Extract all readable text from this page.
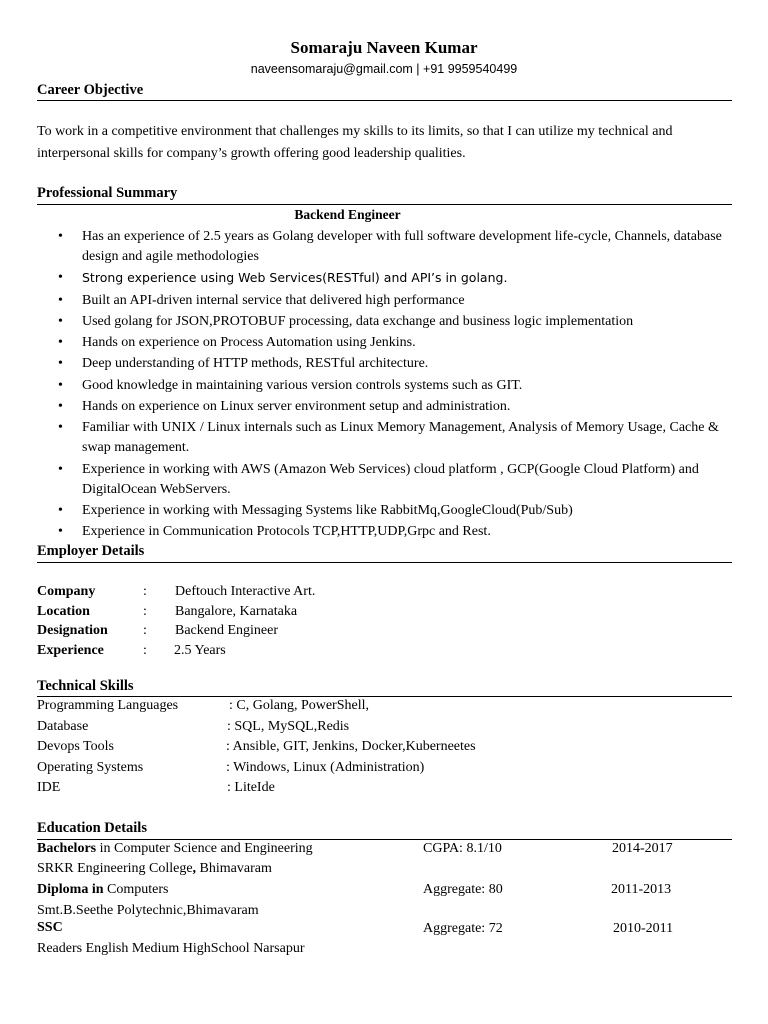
Somaraju Naveen Kumar
naveensomaraju@gmail.com | +91 9959540499
Career Objective
To work in a competitive environment that challenges my skills to its limits, so that I can utilize my technical and interpersonal skills for company’s growth offering good leadership qualities.
Professional Summary
Backend Engineer
• Has an experience of 2.5 years as Golang developer with full software development life-cycle, Channels, database design and agile methodologies
• Strong experience using Web Services(RESTful) and API’s in golang.
• Built an API-driven internal service that delivered high performance
• Used golang for JSON,PROTOBUF processing, data exchange and business logic implementation
• Hands on experience on Process Automation using Jenkins.
• Deep understanding of HTTP methods, RESTful architecture.
• Good knowledge in maintaining various version controls systems such as GIT.
• Hands on experience on Linux server environment setup and administration.
• Familiar with UNIX / Linux internals such as Linux Memory Management, Analysis of Memory Usage, Cache & swap management.
• Experience in working with AWS (Amazon Web Services) cloud platform , GCP(Google Cloud Platform) and DigitalOcean WebServers.
• Experience in working with Messaging Systems like RabbitMq,GoogleCloud(Pub/Sub)
• Experience in Communication Protocols TCP,HTTP,UDP,Grpc and Rest.
Employer Details
Company	: Deftouch Interactive Art.
Location	: Bangalore, Karnataka
Designation	: Backend Engineer
Experience	: 2.5 Years
Technical Skills
Programming Languages	: C, Golang, PowerShell,
Database	: SQL, MySQL,Redis
Devops Tools	: Ansible, GIT, Jenkins, Docker,Kuberneetes
Operating Systems	: Windows, Linux (Administration)
IDE	: LiteIde
Education Details
Bachelors in Computer Science and Engineering	CGPA: 8.1/10	2014-2017
SRKR Engineering College, Bhimavaram
Diploma in Computers	Aggregate: 80	2011-2013
Smt.B.Seethe Polytechnic,Bhimavaram
SSC	Aggregate: 72	2010-2011
Readers English Medium HighSchool Narsapur
